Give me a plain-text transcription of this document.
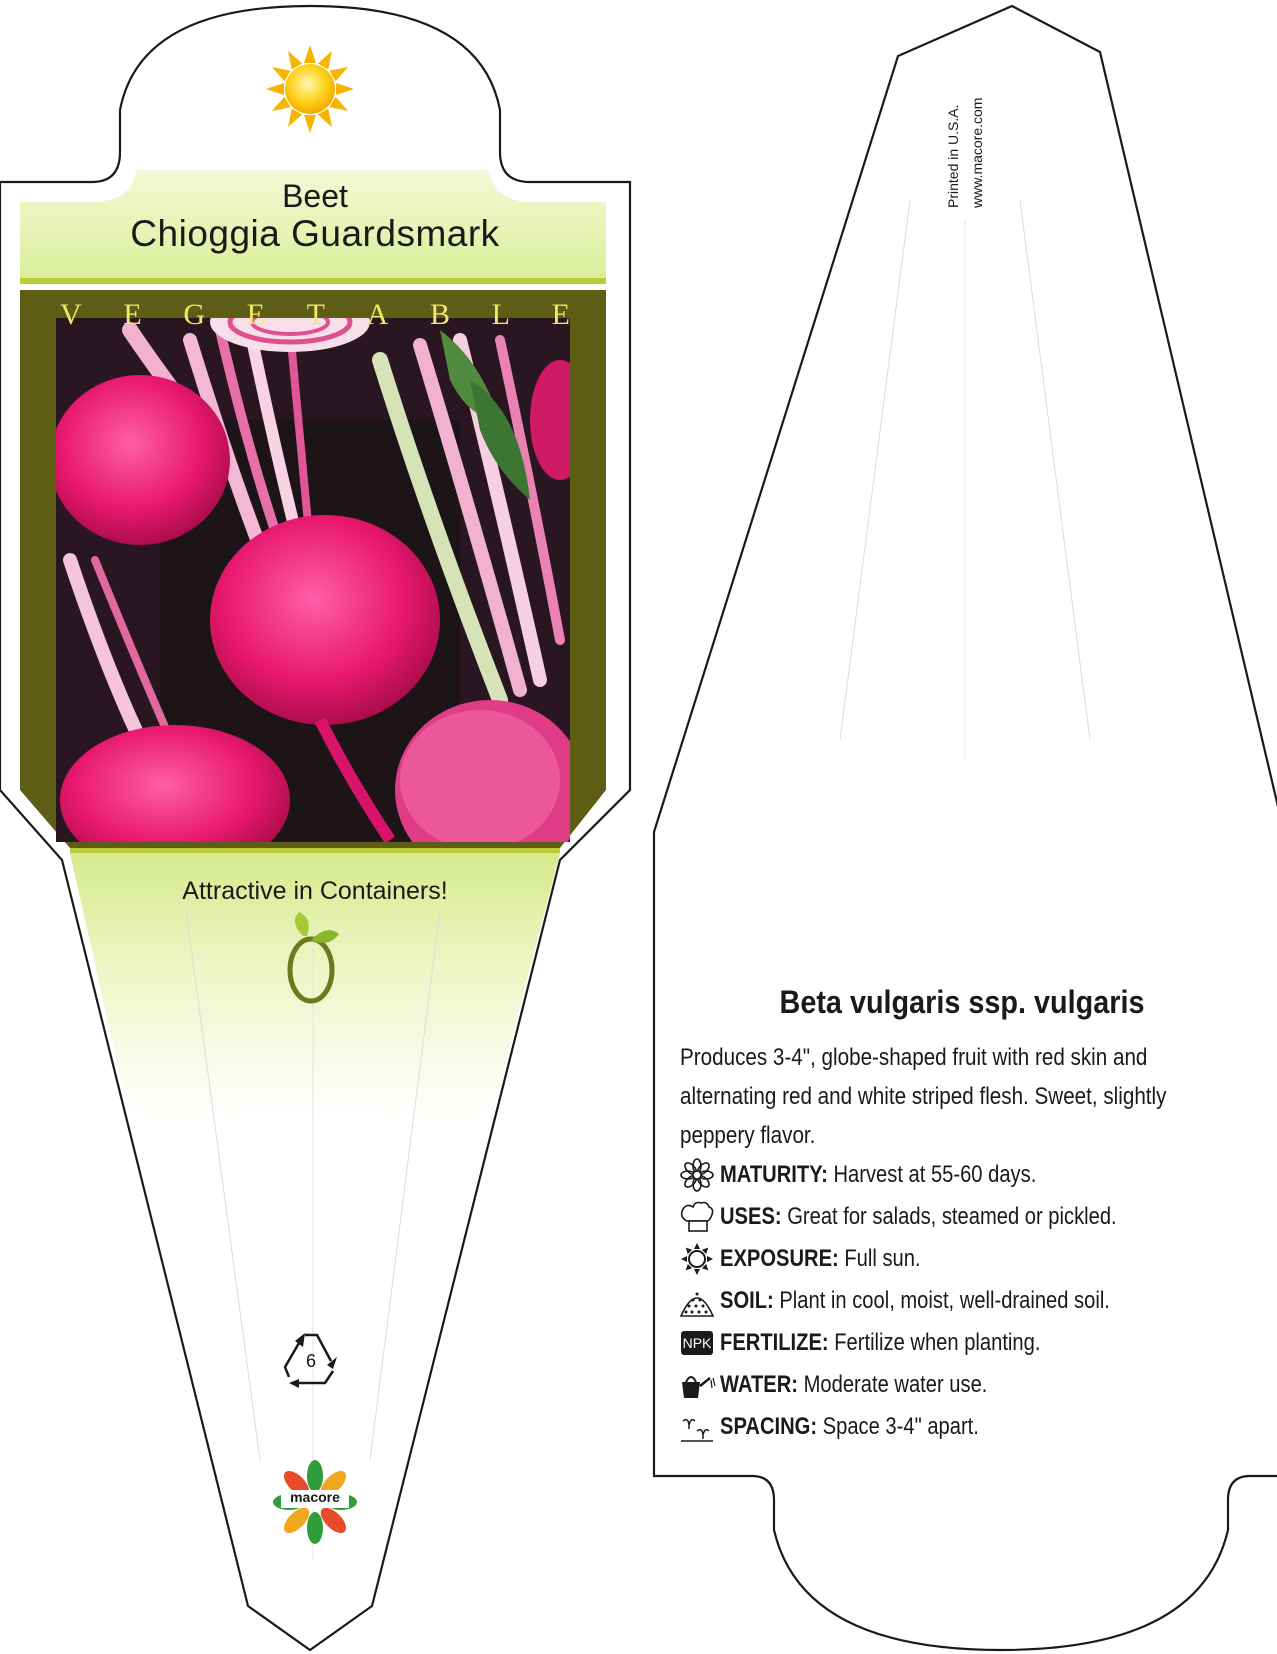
Beet
Chioggia Guardsmark
V E G E T A B L E
Attractive in Containers!
6
macore
Printed in U.S.A. www.macore.com
Beta vulgaris ssp. vulgaris
Produces 3-4", globe-shaped fruit with red skin and
alternating red and white striped flesh. Sweet, slightly
peppery flavor.
MATURITY: Harvest at 55-60 days.
USES: Great for salads, steamed or pickled.
EXPOSURE: Full sun.
SOIL: Plant in cool, moist, well-drained soil.
NPK FERTILIZE: Fertilize when planting.
WATER: Moderate water use.
SPACING: Space 3-4" apart.
